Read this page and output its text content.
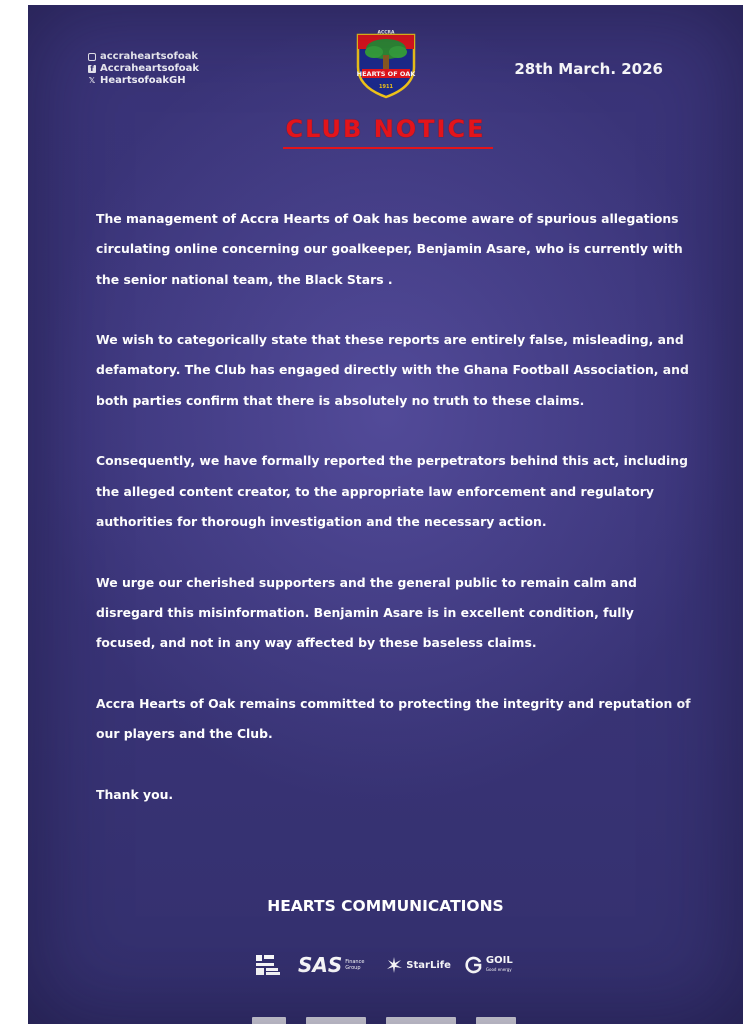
accraheartsofoak
f Accraheartsofoak
𝕏 HeartsofoakGH
HEARTS OF OAK
ACCRA
1911
28th March. 2026
CLUB NOTICE

The management of Accra Hearts of Oak has become aware of spurious allegations circulating online concerning our goalkeeper, Benjamin Asare, who is currently with the senior national team, the Black Stars .

We wish to categorically state that these reports are entirely false, misleading, and defamatory. The Club has engaged directly with the Ghana Football Association, and both parties confirm that there is absolutely no truth to these claims.

Consequently, we have formally reported the perpetrators behind this act, including the alleged content creator, to the appropriate law enforcement and regulatory authorities for thorough investigation and the necessary action.

We urge our cherished supporters and the general public to remain calm and disregard this misinformation. Benjamin Asare is in excellent condition, fully focused, and not in any way affected by these baseless claims.

Accra Hearts of Oak remains committed to protecting the integrity and reputation of our players and the Club.

Thank you.

HEARTS COMMUNICATIONS
SAS Finance Group	StarLife	GOIL
Good energy
